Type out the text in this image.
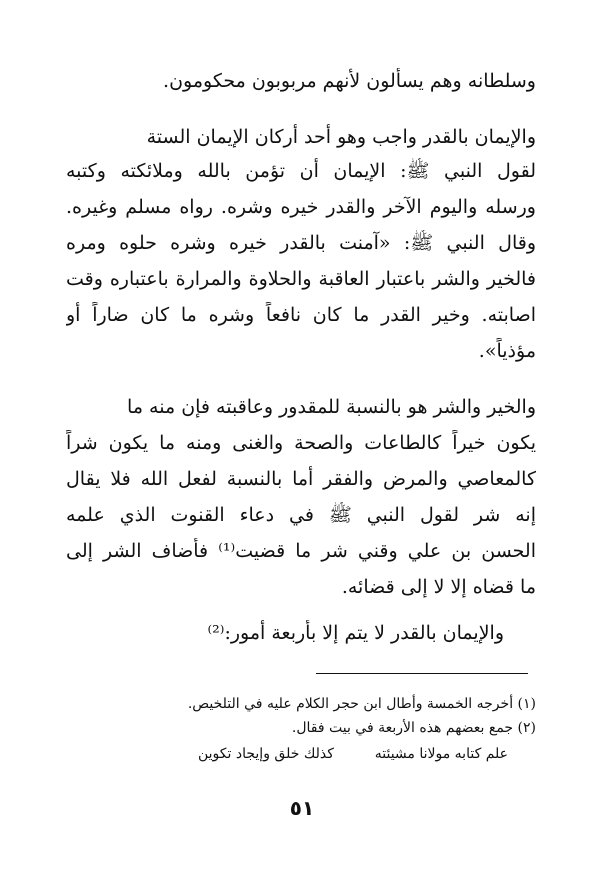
وسلطانه وهم يسألون لأنهم مربوبون محكومون.
والإيمان بالقدر واجب وهو أحد أركان الإيمان الستة
لقول النبي ﷺ: الإيمان أن تؤمن بالله وملائكته وكتبه
ورسله واليوم الآخر والقدر خيره وشره. رواه مسلم وغيره.
وقال النبي ﷺ: «آمنت بالقدر خيره وشره حلوه ومره
فالخير والشر باعتبار العاقبة والحلاوة والمرارة باعتباره وقت
اصابته. وخير القدر ما كان نافعاً وشره ما كان ضاراً أو
مؤذياً».
والخير والشر هو بالنسبة للمقدور وعاقبته فإن منه ما
يكون خيراً كالطاعات والصحة والغنى ومنه ما يكون شراً
كالمعاصي والمرض والفقر أما بالنسبة لفعل الله فلا يقال
إنه شر لقول النبي ﷺ في دعاء القنوت الذي علمه
الحسن بن علي وقني شر ما قضيت⁽¹⁾ فأضاف الشر إلى
ما قضاه إلا لا إلى قضائه.
والإيمان بالقدر لا يتم إلا بأربعة أمور:⁽²⁾
(١) أخرجه الخمسة وأطال ابن حجر الكلام عليه في التلخيص.
(٢) جمع بعضهم هذه الأربعة في بيت فقال.
علم كتابه مولانا مشيئته
كذلك خلق وإيجاد تكوين
٥١
